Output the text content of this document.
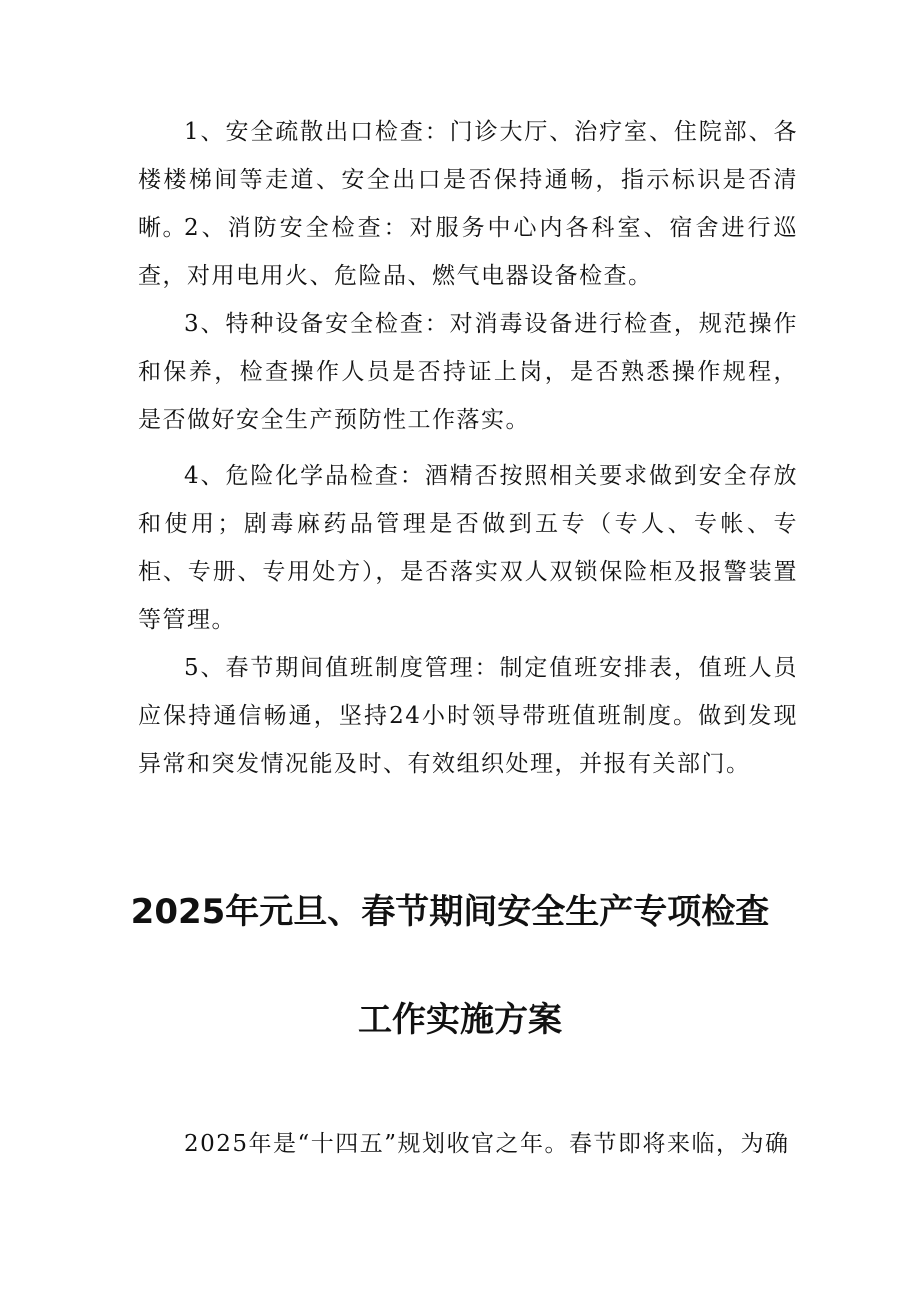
1、安全疏散出口检查：门诊大厅、治疗室、住院部、各楼楼梯间等走道、安全出口是否保持通畅，指示标识是否清晰。

2、消防安全检查：对服务中心内各科室、宿舍进行巡查，对用电用火、危险品、燃气电器设备检查。

3、特种设备安全检查：对消毒设备进行检查，规范操作和保养，检查操作人员是否持证上岗，是否熟悉操作规程，是否做好安全生产预防性工作落实。

4、危险化学品检查：酒精否按照相关要求做到安全存放和使用；剧毒麻药品管理是否做到五专（专人、专帐、专柜、专册、专用处方），是否落实双人双锁保险柜及报警装置等管理。

5、春节期间值班制度管理：制定值班安排表，值班人员应保持通信畅通，坚持24小时领导带班值班制度。做到发现异常和突发情况能及时、有效组织处理，并报有关部门。

2025年元旦、春节期间安全生产专项检查
工作实施方案

2025年是“十四五”规划收官之年。春节即将来临，为确
